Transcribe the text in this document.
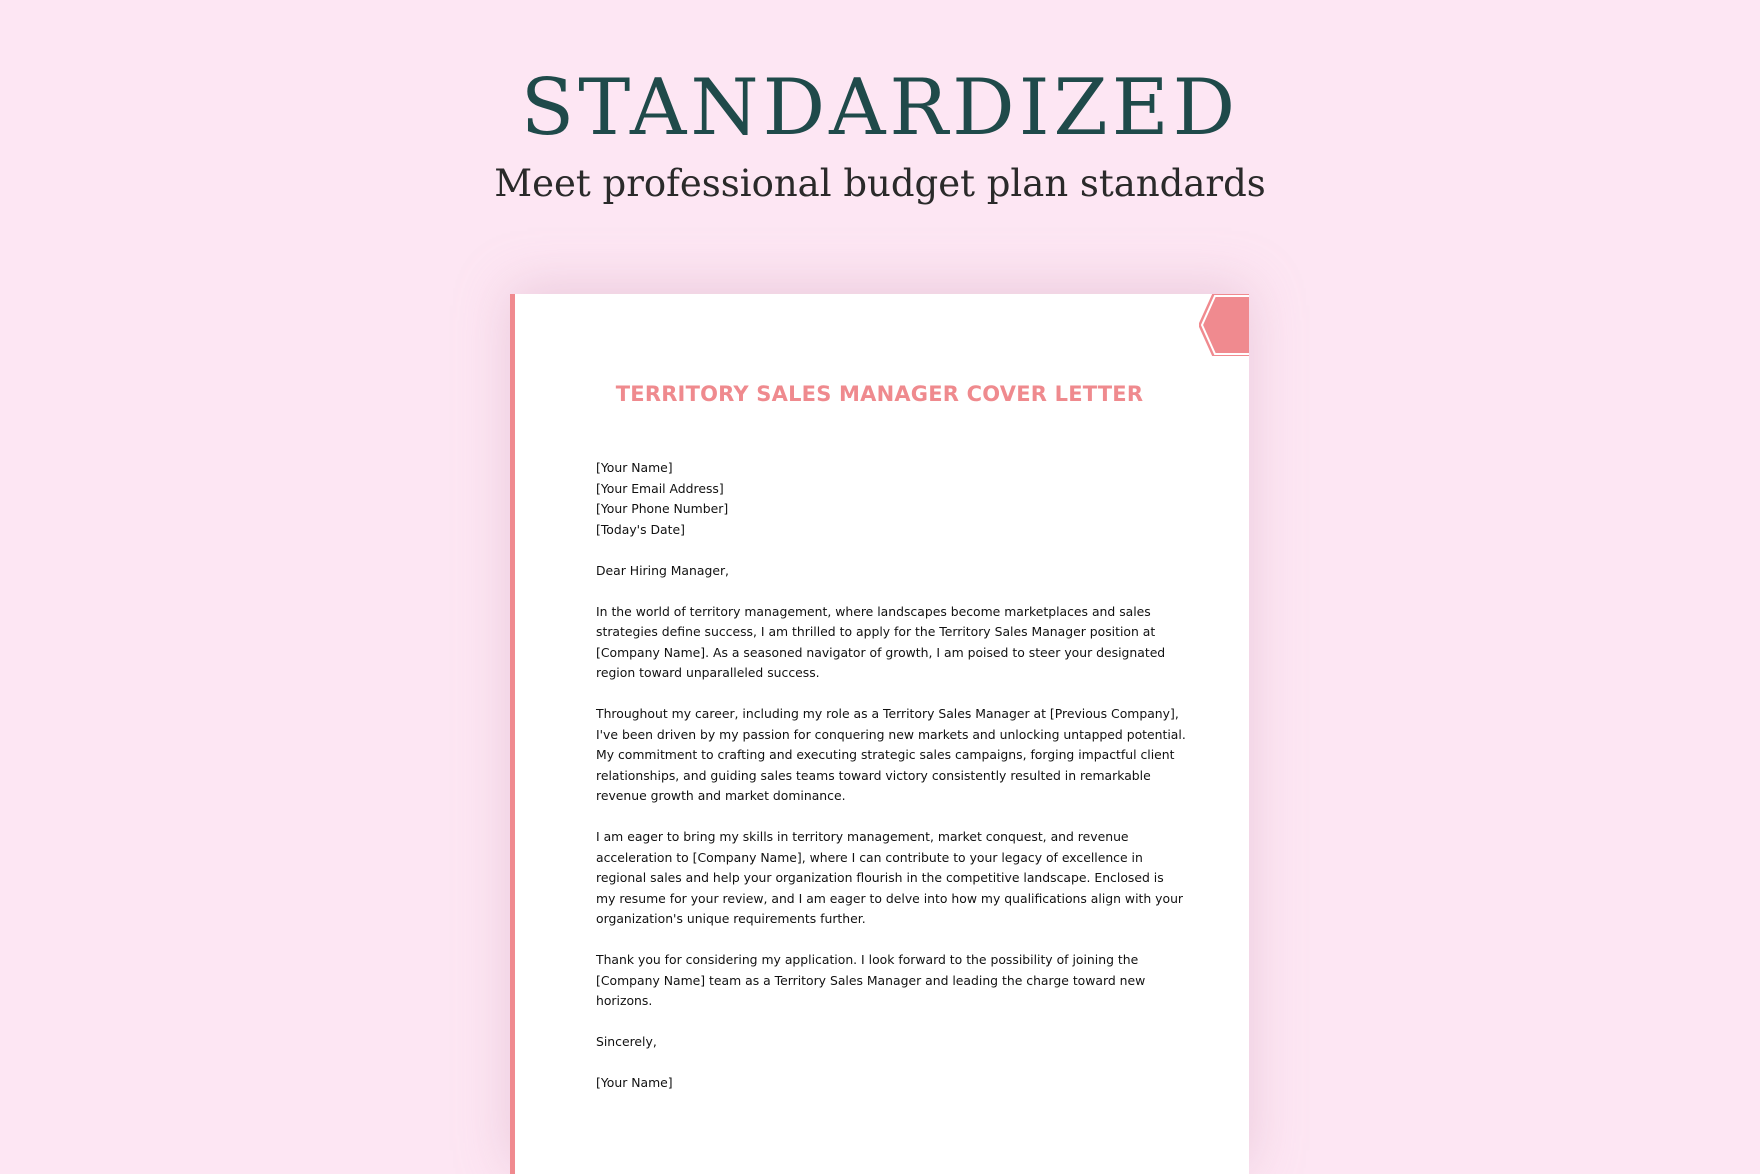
STANDARDIZED
Meet professional budget plan standards
TERRITORY SALES MANAGER COVER LETTER

[Your Name]
[Your Email Address]
[Your Phone Number]
[Today's Date]

Dear Hiring Manager,

In the world of territory management, where landscapes become marketplaces and sales strategies define success, I am thrilled to apply for the Territory Sales Manager position at [Company Name]. As a seasoned navigator of growth, I am poised to steer your designated region toward unparalleled success.

Throughout my career, including my role as a Territory Sales Manager at [Previous Company], I've been driven by my passion for conquering new markets and unlocking untapped potential. My commitment to crafting and executing strategic sales campaigns, forging impactful client relationships, and guiding sales teams toward victory consistently resulted in remarkable revenue growth and market dominance.

I am eager to bring my skills in territory management, market conquest, and revenue acceleration to [Company Name], where I can contribute to your legacy of excellence in regional sales and help your organization flourish in the competitive landscape. Enclosed is my resume for your review, and I am eager to delve into how my qualifications align with your organization's unique requirements further.

Thank you for considering my application. I look forward to the possibility of joining the [Company Name] team as a Territory Sales Manager and leading the charge toward new horizons.

Sincerely,

[Your Name]
